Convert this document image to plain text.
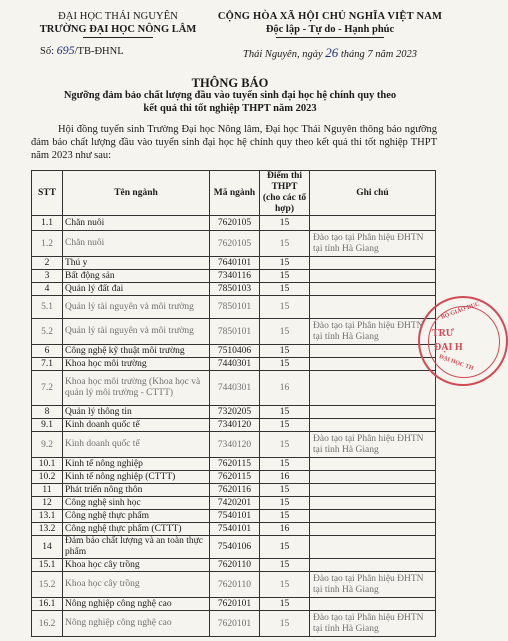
ĐẠI HỌC THÁI NGUYÊN
TRƯỜNG ĐẠI HỌC NÔNG LÂM
Số: 695/TB-ĐHNL
CỘNG HÒA XÃ HỘI CHỦ NGHĨA VIỆT NAM
Độc lập - Tự do - Hạnh phúc
Thái Nguyên, ngày 26 tháng 7 năm 2023
THÔNG BÁO
Ngưỡng đảm bảo chất lượng đầu vào tuyển sinh đại học hệ chính quy theo kết quả thi tốt nghiệp THPT năm 2023
Hội đồng tuyển sinh Trường Đại học Nông lâm, Đại học Thái Nguyên thông báo ngưỡng đảm bảo chất lượng đầu vào tuyển sinh đại học hệ chính quy theo kết quả thi tốt nghiệp THPT năm 2023 như sau:
STT	Tên ngành	Mã ngành	Điểm thi THPT (cho các tổ hợp)	Ghi chú
1.1	Chăn nuôi	7620105	15	
1.2	Chăn nuôi	7620105	15	Đào tạo tại Phân hiệu ĐHTN tại tỉnh Hà Giang
2	Thú y	7640101	15	
3	Bất động sản	7340116	15	
4	Quản lý đất đai	7850103	15	
5.1	Quản lý tài nguyên và môi trường	7850101	15	
5.2	Quản lý tài nguyên và môi trường	7850101	15	Đào tạo tại Phân hiệu ĐHTN tại tỉnh Hà Giang
6	Công nghệ kỹ thuật môi trường	7510406	15	
7.1	Khoa học môi trường	7440301	15	
7.2	Khoa học môi trường (Khoa học và quản lý môi trường - CTTT)	7440301	16	
8	Quản lý thông tin	7320205	15	
9.1	Kinh doanh quốc tế	7340120	15	
9.2	Kinh doanh quốc tế	7340120	15	Đào tạo tại Phân hiệu ĐHTN tại tỉnh Hà Giang
10.1	Kinh tế nông nghiệp	7620115	15	
10.2	Kinh tế nông nghiệp (CTTT)	7620115	16	
11	Phát triển nông thôn	7620116	15	
12	Công nghệ sinh học	7420201	15	
13.1	Công nghệ thực phẩm	7540101	15	
13.2	Công nghệ thực phẩm (CTTT)	7540101	16	
14	Đảm bảo chất lượng và an toàn thực phẩm	7540106	15	
15.1	Khoa học cây trồng	7620110	15	
15.2	Khoa học cây trồng	7620110	15	Đào tạo tại Phân hiệu ĐHTN tại tỉnh Hà Giang
16.1	Nông nghiệp công nghệ cao	7620101	15	
16.2	Nông nghiệp công nghệ cao	7620101	15	Đào tạo tại Phân hiệu ĐHTN tại tỉnh Hà Giang
BỘ GIÁO DỤC
TRƯ
ĐẠI H
ĐẠI HỌC TH
